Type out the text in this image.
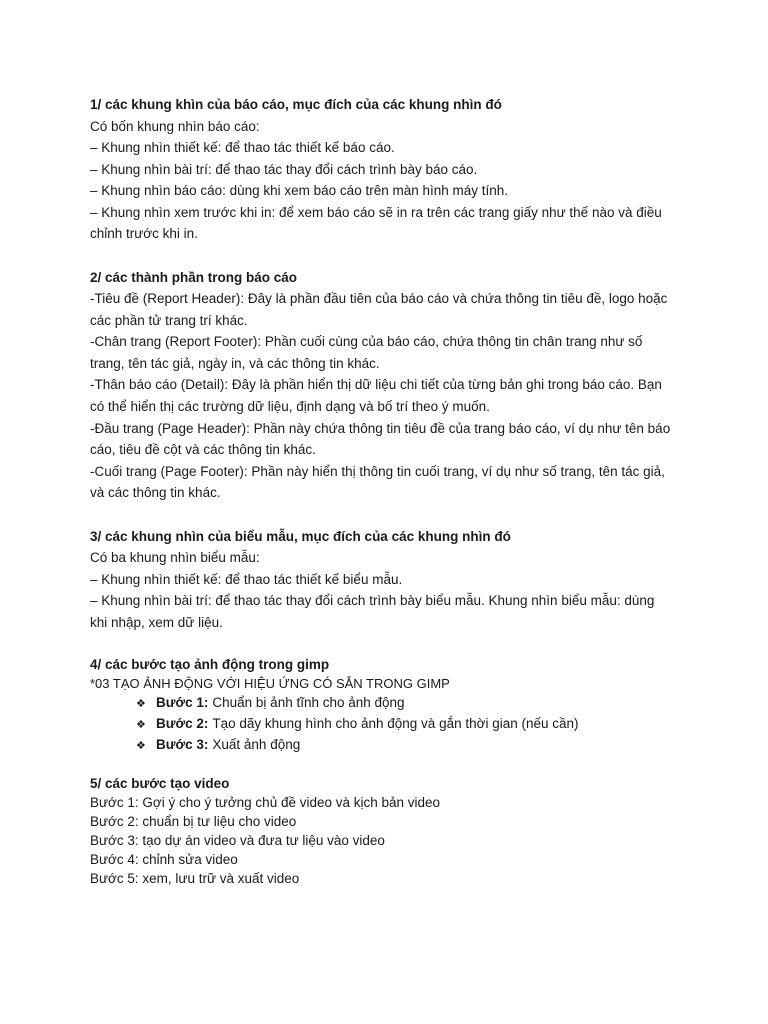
1/ các khung khìn của báo cáo, mục đích của các khung nhìn đó

Có bốn khung nhìn báo cáo:

– Khung nhìn thiết kế: để thao tác thiết kế báo cáo.

– Khung nhìn bài trí: để thao tác thay đổi cách trình bày báo cáo.

– Khung nhìn báo cáo: dùng khi xem báo cáo trên màn hình máy tính.

– Khung nhìn xem trước khi in: để xem báo cáo sẽ in ra trên các trang giấy như thế nào và điều

chỉnh trước khi in.

2/ các thành phần trong báo cáo

-Tiêu đề (Report Header): Đây là phần đầu tiên của báo cáo và chứa thông tin tiêu đề, logo hoặc

các phần tử trang trí khác.

-Chân trang (Report Footer): Phần cuối cùng của báo cáo, chứa thông tin chân trang như số

trang, tên tác giả, ngày in, và các thông tin khác.

-Thân báo cáo (Detail): Đây là phần hiển thị dữ liệu chi tiết của từng bản ghi trong báo cáo. Bạn

có thể hiển thị các trường dữ liệu, định dạng và bố trí theo ý muốn.

-Đầu trang (Page Header): Phần này chứa thông tin tiêu đề của trang báo cáo, ví dụ như tên báo

cáo, tiêu đề cột và các thông tin khác.

-Cuối trang (Page Footer): Phần này hiển thị thông tin cuối trang, ví dụ như số trang, tên tác giả,

và các thông tin khác.

3/ các khung nhìn của biểu mẫu, mục đích của các khung nhìn đó

Có ba khung nhìn biểu mẫu:

– Khung nhìn thiết kế: để thao tác thiết kế biểu mẫu.

– Khung nhìn bài trí: để thao tác thay đổi cách trình bày biểu mẫu. Khung nhìn biểu mẫu: dùng

khi nhập, xem dữ liệu.

4/ các bước tạo ảnh động trong gimp

*03 TẠO ẢNH ĐỘNG VỚI HIỆU ỨNG CÓ SẴN TRONG GIMP

❖ Bước 1: Chuẩn bị ảnh tĩnh cho ảnh động
❖ Bước 2: Tạo dãy khung hình cho ảnh động và gắn thời gian (nếu cần)
❖ Bước 3: Xuất ảnh động

5/ các bước tạo video

Bước 1: Gợi ý cho ý tưởng chủ đề video và kịch bản video

Bước 2: chuẩn bị tư liệu cho video

Bước 3: tạo dự án video và đưa tư liệu vào video

Bước 4: chỉnh sửa video

Bước 5: xem, lưu trữ và xuất video
